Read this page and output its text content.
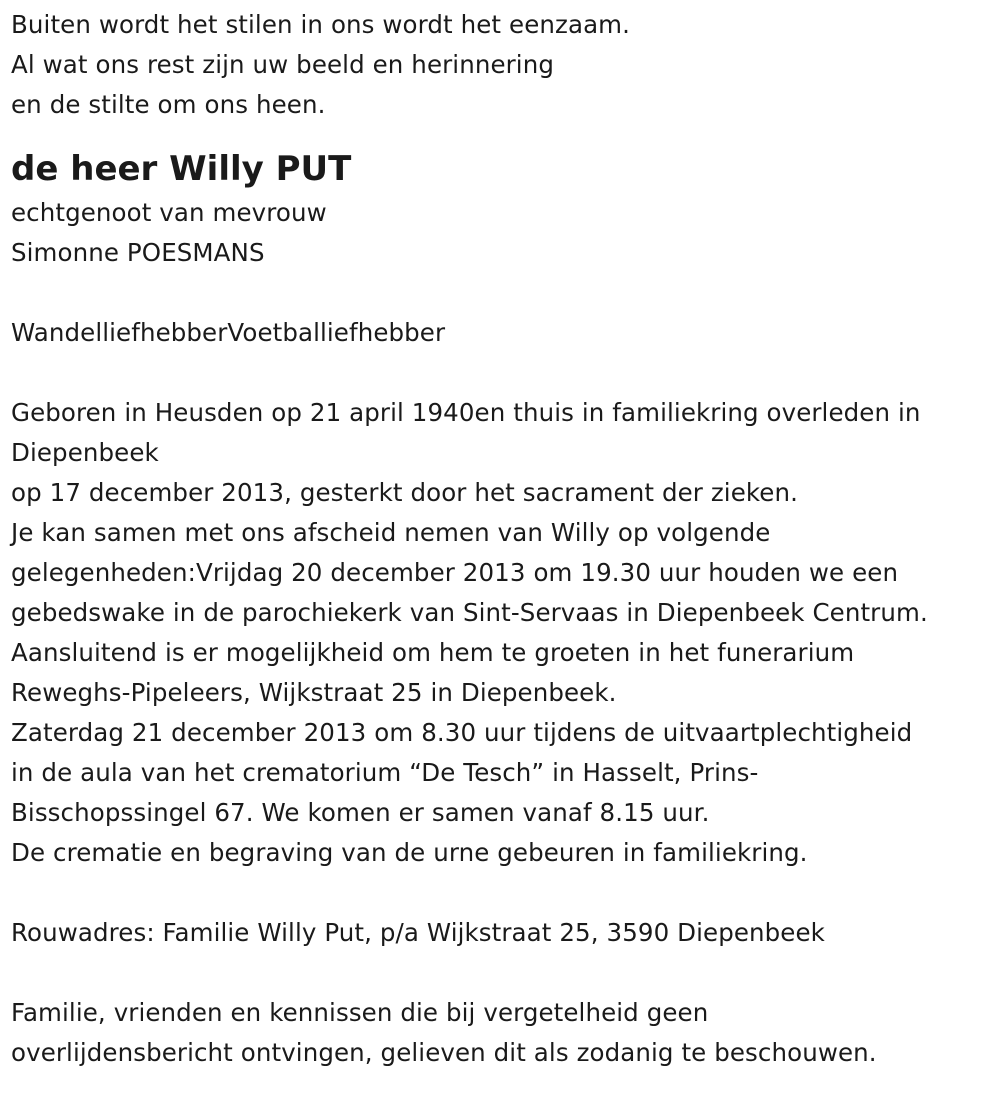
Buiten wordt het stilen in ons wordt het eenzaam.
Al wat ons rest zijn uw beeld en herinnering
en de stilte om ons heen.
de heer Willy PUT
echtgenoot van mevrouw
Simonne POESMANS
WandelliefhebberVoetballiefhebber
Geboren in Heusden op 21 april 1940en thuis in familiekring overleden in
Diepenbeek
op 17 december 2013, gesterkt door het sacrament der zieken.
Je kan samen met ons afscheid nemen van Willy op volgende
gelegenheden:Vrijdag 20 december 2013 om 19.30 uur houden we een
gebedswake in de parochiekerk van Sint-Servaas in Diepenbeek Centrum.
Aansluitend is er mogelijkheid om hem te groeten in het funerarium
Reweghs-Pipeleers, Wijkstraat 25 in Diepenbeek.
Zaterdag 21 december 2013 om 8.30 uur tijdens de uitvaartplechtigheid
in de aula van het crematorium “De Tesch” in Hasselt, Prins-
Bisschopssingel 67. We komen er samen vanaf 8.15 uur.
De crematie en begraving van de urne gebeuren in familiekring.
Rouwadres: Familie Willy Put, p/a Wijkstraat 25, 3590 Diepenbeek
Familie, vrienden en kennissen die bij vergetelheid geen
overlijdensbericht ontvingen, gelieven dit als zodanig te beschouwen.
